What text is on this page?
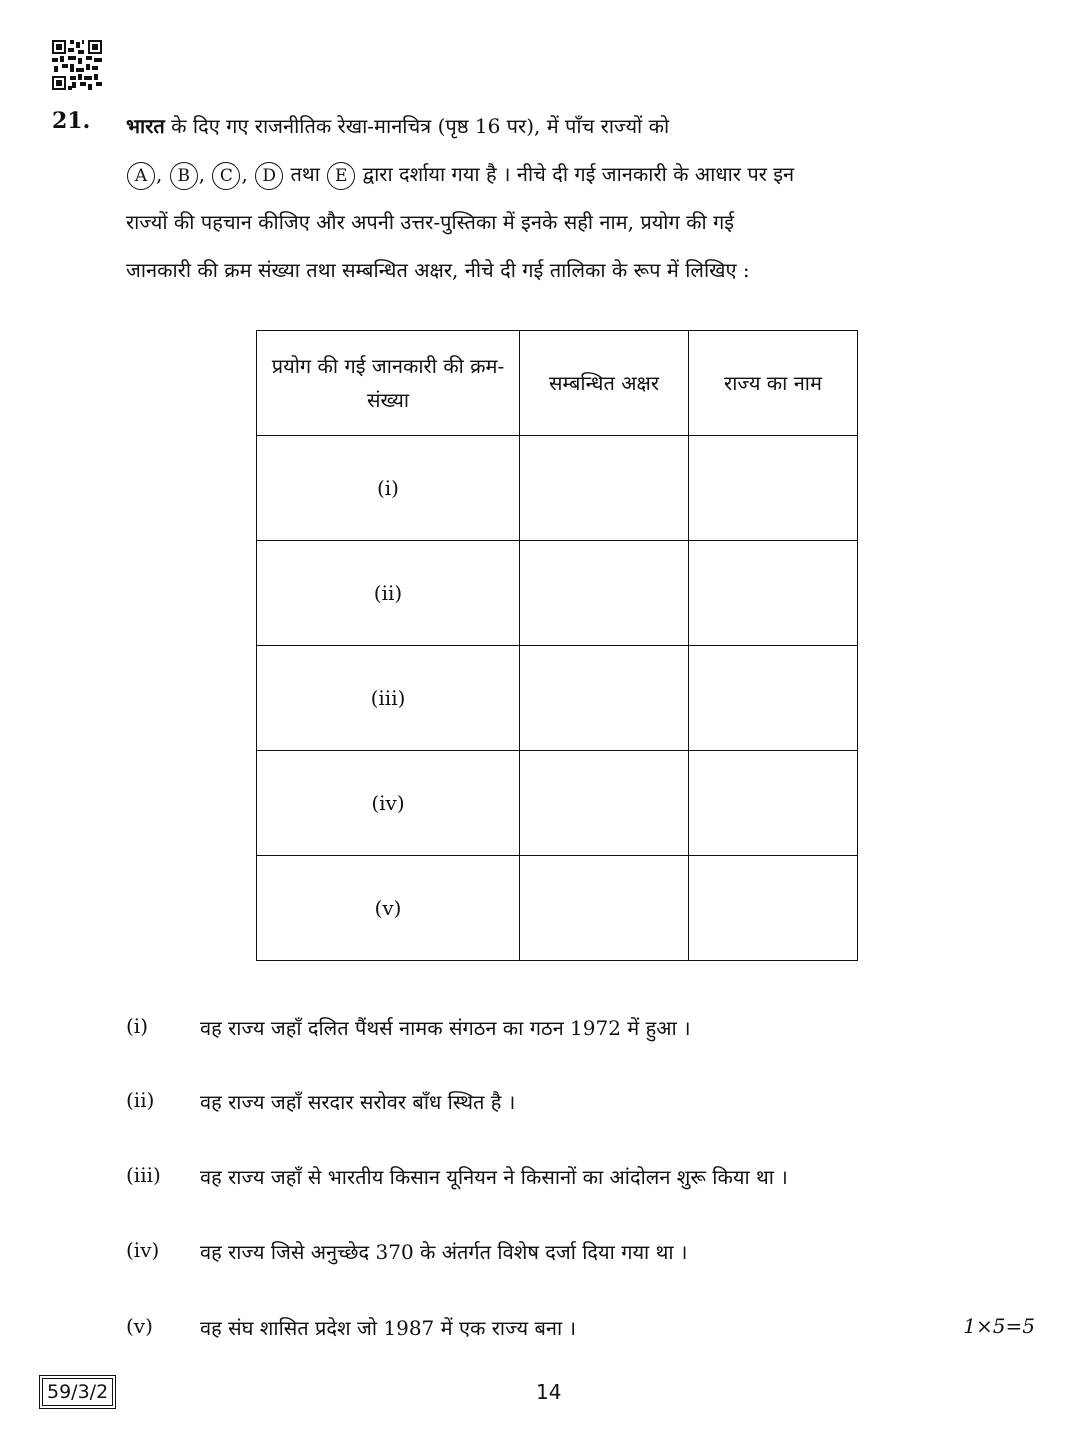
21. भारत के दिए गए राजनीतिक रेखा-मानचित्र (पृष्ठ 16 पर), में पाँच राज्यों को
A , B , C , D तथा E द्वारा दर्शाया गया है । नीचे दी गई जानकारी के आधार पर इन
राज्यों की पहचान कीजिए और अपनी उत्तर-पुस्तिका में इनके सही नाम, प्रयोग की गई
जानकारी की क्रम संख्या तथा सम्बन्धित अक्षर, नीचे दी गई तालिका के रूप में लिखिए :
प्रयोग की गई जानकारी की क्रम-संख्या	सम्बन्धित अक्षर	राज्य का नाम
(i)		
(ii)		
(iii)		
(iv)		
(v)		
(i)	वह राज्य जहाँ दलित पैंथर्स नामक संगठन का गठन 1972 में हुआ ।
(ii) वह राज्य जहाँ सरदार सरोवर बाँध स्थित है ।
(iii) वह राज्य जहाँ से भारतीय किसान यूनियन ने किसानों का आंदोलन शुरू किया था ।
(iv) वह राज्य जिसे अनुच्छेद 370 के अंतर्गत विशेष दर्जा दिया गया था ।
(v) वह संघ शासित प्रदेश जो 1987 में एक राज्य बना ।	1×5=5
59/3/2	14
